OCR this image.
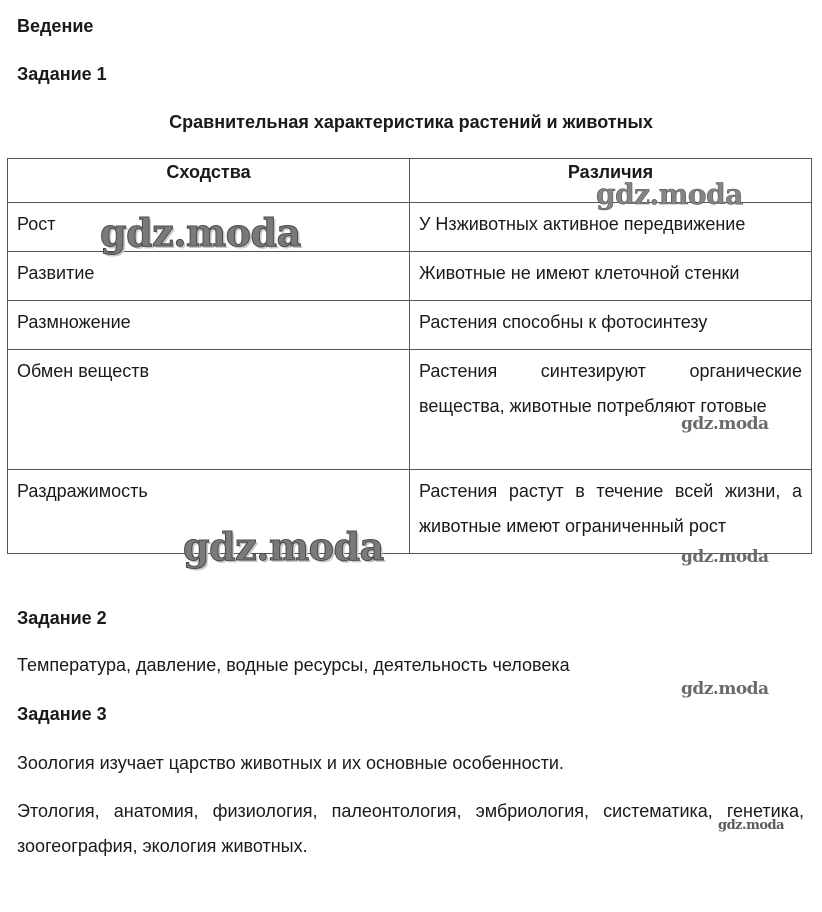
Ведение
Задание 1
Сравнительная характеристика растений и животных
Сходства	Различия
Рост	У Нзживотных активное передвижение
Развитие	Животные не имеют клеточной стенки
Размножение	Растения способны к фотосинтезу
Обмен веществ	Растения синтезируют органические вещества, животные потребляют готовые
Раздражимость	Растения растут в течение всей жизни, а животные имеют ограниченный рост
Задание 2

Температура, давление, водные ресурсы, деятельность человека

Задание 3

Зоология изучает царство животных и их основные особенности.

Этология, анатомия, физиология, палеонтология, эмбриология, систематика, генетика, зоогеография, экология животных.

gdz.moda
gdz.moda
gdz.moda
gdz.moda	gdz.moda
gdz.moda
gdz.moda
